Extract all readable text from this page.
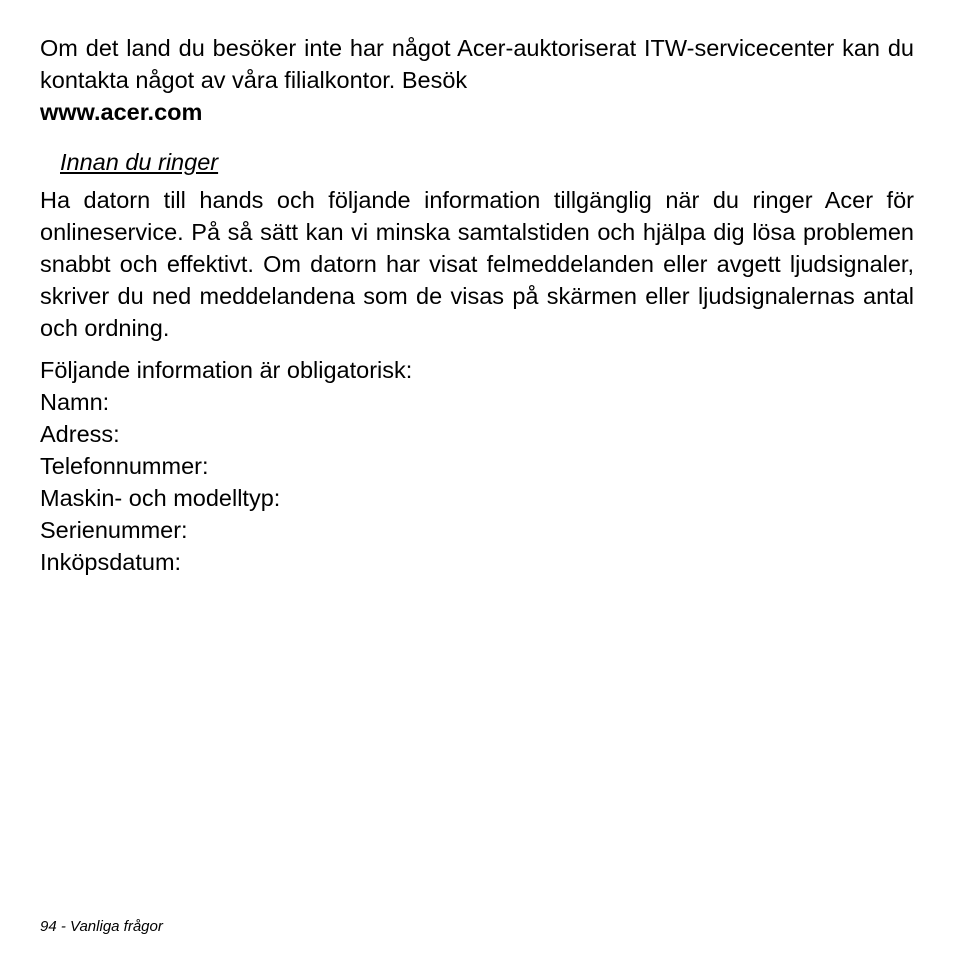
Om det land du besöker inte har något Acer-auktoriserat ITW-servicecenter kan du kontakta något av våra filialkontor. Besök
www.acer.com

Innan du ringer

Ha datorn till hands och följande information tillgänglig när du ringer Acer för onlineservice. På så sätt kan vi minska samtalstiden och hjälpa dig lösa problemen snabbt och effektivt. Om datorn har visat felmeddelanden eller avgett ljudsignaler, skriver du ned meddelandena som de visas på skärmen eller ljudsignalernas antal och ordning.

Följande information är obligatorisk:
Namn:
Adress:
Telefonnummer:
Maskin- och modelltyp:
Serienummer:
Inköpsdatum:
94 - Vanliga frågor
